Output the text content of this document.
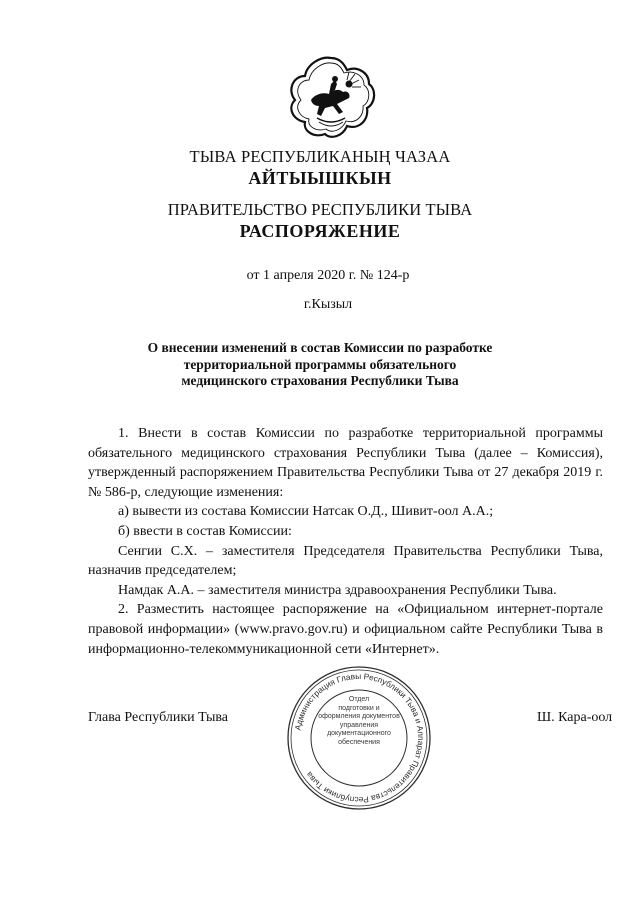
ТЫВА РЕСПУБЛИКАНЫҢ ЧАЗАА
АЙТЫЫШКЫН
ПРАВИТЕЛЬСТВО РЕСПУБЛИКИ ТЫВА
РАСПОРЯЖЕНИЕ
от 1 апреля 2020 г. № 124-р
г.Кызыл
О внесении изменений в состав Комиссии по разработке
территориальной программы обязательного
медицинского страхования Республики Тыва

1. Внести в состав Комиссии по разработке территориальной программы обязательного медицинского страхования Республики Тыва (далее – Комиссия), утвержденный распоряжением Правительства Республики Тыва от 27 декабря 2019 г. № 586-р, следующие изменения:

а) вывести из состава Комиссии Натсак О.Д., Шивит-оол А.А.;

б) ввести в состав Комиссии:

Сенгии С.Х. – заместителя Председателя Правительства Республики Тыва, назначив председателем;

Намдак А.А. – заместителя министра здравоохранения Республики Тыва.

2. Разместить настоящее распоряжение на «Официальном интернет-портале правовой информации» (www.pravo.gov.ru) и официальном сайте Республики Тыва в информационно-телекоммуникационной сети «Интернет».

Глава Республики Тыва	Ш. Кара-оол
Администрация Главы Республики Тыва и Аппарат Правительства Республики Тыва
Отдел
подготовки и
оформления документов
управления
документационного
обеспечения
